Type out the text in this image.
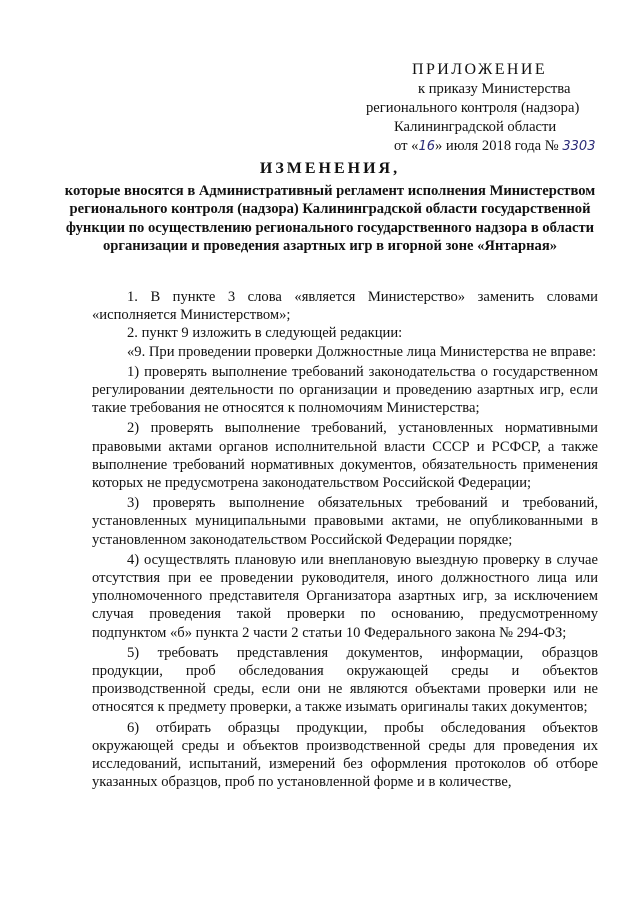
ПРИЛОЖЕНИЕ
к приказу Министерства
регионального контроля (надзора)
Калининградской области
от «16» июля 2018 года № 3303
ИЗМЕНЕНИЯ,
которые вносятся в Административный регламент исполнения Министерством регионального контроля (надзора) Калининградской области государственной функции по осуществлению регионального государственного надзора в области организации и проведения азартных игр в игорной зоне «Янтарная»

1. В пункте 3 слова «является Министерство» заменить словами «исполняется Министерством»;

2. пункт 9 изложить в следующей редакции:

«9. При проведении проверки Должностные лица Министерства не вправе:

1) проверять выполнение требований законодательства о государственном регулировании деятельности по организации и проведению азартных игр, если такие требования не относятся к полномочиям Министерства;

2) проверять выполнение требований, установленных нормативными правовыми актами органов исполнительной власти СССР и РСФСР, а также выполнение требований нормативных документов, обязательность применения которых не предусмотрена законодательством Российской Федерации;

3) проверять выполнение обязательных требований и требований, установленных муниципальными правовыми актами, не опубликованными в установленном законодательством Российской Федерации порядке;

4) осуществлять плановую или внеплановую выездную проверку в случае отсутствия при ее проведении руководителя, иного должностного лица или уполномоченного представителя Организатора азартных игр, за исключением случая проведения такой проверки по основанию, предусмотренному подпунктом «б» пункта 2 части 2 статьи 10 Федерального закона № 294-ФЗ;

5) требовать представления документов, информации, образцов продукции, проб обследования окружающей среды и объектов производственной среды, если они не являются объектами проверки или не относятся к предмету проверки, а также изымать оригиналы таких документов;

6) отбирать образцы продукции, пробы обследования объектов окружающей среды и объектов производственной среды для проведения их исследований, испытаний, измерений без оформления протоколов об отборе указанных образцов, проб по установленной форме и в количестве,
